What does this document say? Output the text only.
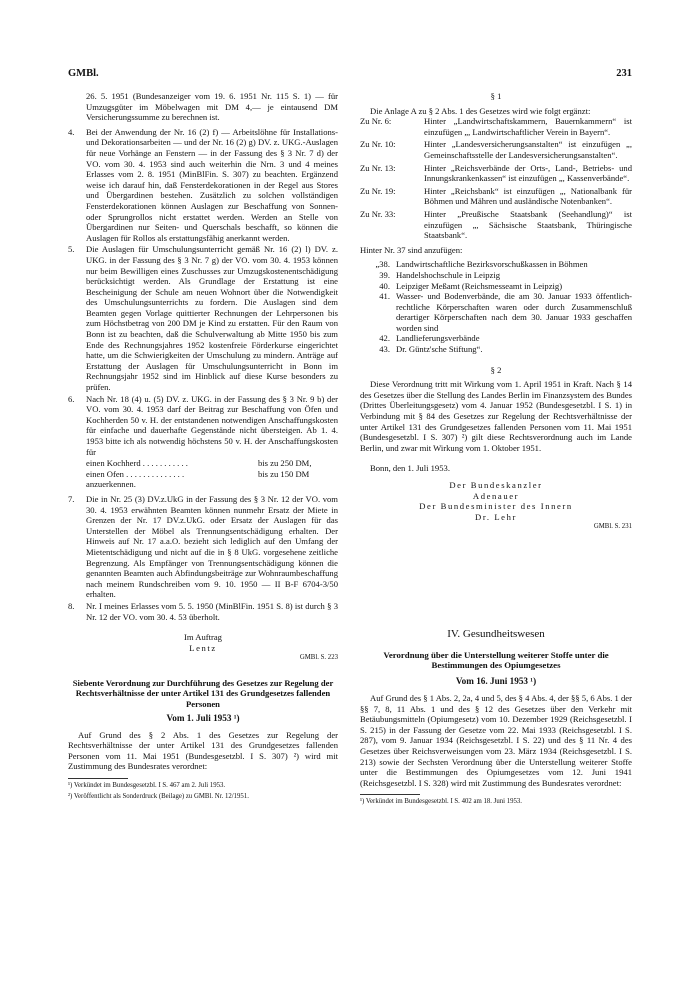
GMBl.	231
26. 5. 1951 (Bundesanzeiger vom 19. 6. 1951 Nr. 115 S. 1) — für Umzugsgüter im Möbelwagen mit DM 4,— je eintausend DM Versicherungssumme zu berechnen ist.
4.	Bei der Anwendung der Nr. 16 (2) f) — Arbeitslöhne für Installations- und Dekorationsarbeiten — und der Nr. 16 (2) g) DV. z. UKG.-Auslagen für neue Vorhänge an Fenstern — in der Fassung des § 3 Nr. 7 d) der VO. vom 30. 4. 1953 sind auch weiterhin die Nrn. 3 und 4 meines Erlasses vom 2. 8. 1951 (MinBlFin. S. 307) zu beachten. Ergänzend weise ich darauf hin, daß Fensterdekorationen in der Regel aus Stores und Übergardinen bestehen. Zusätzlich zu solchen vollständigen Fensterdekorationen können Auslagen zur Beschaffung von Sonnen- oder Sprungrollos nicht erstattet werden. Werden an Stelle von Übergardinen nur Seiten- und Querschals beschafft, so können die Auslagen für Rollos als erstattungsfähig anerkannt werden.
5.	Die Auslagen für Umschulungsunterricht gemäß Nr. 16 (2) l) DV. z. UKG. in der Fassung des § 3 Nr. 7 g) der VO. vom 30. 4. 1953 können nur beim Bewilligen eines Zuschusses zur Umzugskostenentschädigung berücksichtigt werden. Als Grundlage der Erstattung ist eine Bescheinigung der Schule am neuen Wohnort über die Notwendigkeit des Umschulungsunterrichts zu fordern. Die Auslagen sind dem Beamten gegen Vorlage quittierter Rechnungen der Lehrpersonen bis zum Höchstbetrag von 200 DM je Kind zu erstatten. Für den Raum von Bonn ist zu beachten, daß die Schulverwaltung ab Mitte 1950 bis zum Ende des Rechnungsjahres 1952 kostenfreie Förderkurse eingerichtet hatte, um die Schwierigkeiten der Umschulung zu mindern. Anträge auf Erstattung der Auslagen für Umschulungsunterricht in Bonn im Rechnungsjahr 1952 sind im Hinblick auf diese Kurse besonders zu prüfen.
6.	Nach Nr. 18 (4) u. (5) DV. z. UKG. in der Fassung des § 3 Nr. 9 b) der VO. vom 30. 4. 1953 darf der Beitrag zur Beschaffung von Öfen und Kochherden 50 v. H. der entstandenen notwendigen Anschaffungskosten für einfache und dauerhafte Gegenstände nicht übersteigen. Ab 1. 4. 1953 bitte ich als notwendig höchstens 50 v. H. der Anschaffungskosten für
einen Kochherd . . . . . . . . . . .	bis zu 250 DM,
einen Ofen . . . . . . . . . . . . . .	bis zu 150 DM
anzuerkennen.
7.	Die in Nr. 25 (3) DV.z.UkG in der Fassung des § 3 Nr. 12 der VO. vom 30. 4. 1953 erwähnten Beamten können nunmehr Ersatz der Miete in Grenzen der Nr. 17 DV.z.UkG. oder Ersatz der Auslagen für das Unterstellen der Möbel als Trennungsentschädigung erhalten. Der Hinweis auf Nr. 17 a.a.O. bezieht sich lediglich auf den Umfang der Mietentschädigung und nicht auf die in § 8 UkG. vorgesehene zeitliche Begrenzung. Als Empfänger von Trennungsentschädigung können die genannten Beamten auch Abfindungsbeiträge zur Wohnraumbeschaffung nach meinem Rundschreiben vom 9. 10. 1950 — II B-F 6704-3/50 erhalten.
8.	Nr. I meines Erlasses vom 5. 5. 1950 (MinBlFin. 1951 S. 8) ist durch § 3 Nr. 12 der VO. vom 30. 4. 53 überholt.
Im Auftrag
Lentz
GMBl. S. 223
Siebente Verordnung zur Durchführung des Gesetzes zur Regelung der Rechtsverhältnisse der unter Artikel 131 des Grundgesetzes fallenden Personen
Vom 1. Juli 1953 ¹)
Auf Grund des § 2 Abs. 1 des Gesetzes zur Regelung der Rechtsverhältnisse der unter Artikel 131 des Grundgesetzes fallenden Personen vom 11. Mai 1951 (Bundesgesetzbl. I S. 307) ²) wird mit Zustimmung des Bundesrates verordnet:
¹) Verkündet im Bundesgesetzbl. I S. 467 am 2. Juli 1953.
²) Veröffentlicht als Sonderdruck (Beilage) zu GMBl. Nr. 12/1951.
§ 1
Die Anlage A zu § 2 Abs. 1 des Gesetzes wird wie folgt ergänzt:
Zu Nr. 6:	Hinter „Landwirtschaftskammern, Bauernkammern“ ist einzufügen „, Landwirtschaftlicher Verein in Bayern“.
Zu Nr. 10:	Hinter „Landesversicherungsanstalten“ ist einzufügen „, Gemeinschaftsstelle der Landesversicherungsanstalten“.
Zu Nr. 13:	Hinter „Reichsverbände der Orts-, Land-, Betriebs- und Innungskrankenkassen“ ist einzufügen „, Kassenverbände“.
Zu Nr. 19:	Hinter „Reichsbank“ ist einzufügen „, Nationalbank für Böhmen und Mähren und ausländische Notenbanken“.
Zu Nr. 33:	Hinter „Preußische Staatsbank (Seehandlung)“ ist einzufügen „, Sächsische Staatsbank, Thüringische Staatsbank“.
Hinter Nr. 37 sind anzufügen:
„38. Landwirtschaftliche Bezirksvorschußkassen in Böhmen
39. Handelshochschule in Leipzig
40. Leipziger Meßamt (Reichsmesseamt in Leipzig)
41. Wasser- und Bodenverbände, die am 30. Januar 1933 öffentlich-rechtliche Körperschaften waren oder durch Zusammenschluß derartiger Körperschaften nach dem 30. Januar 1933 geschaffen worden sind
42. Landlieferungsverbände
43. Dr. Güntz'sche Stiftung“.
§ 2
Diese Verordnung tritt mit Wirkung vom 1. April 1951 in Kraft. Nach § 14 des Gesetzes über die Stellung des Landes Berlin im Finanzsystem des Bundes (Drittes Überleitungsgesetz) vom 4. Januar 1952 (Bundesgesetzbl. I S. 1) in Verbindung mit § 84 des Gesetzes zur Regelung der Rechtsverhältnisse der unter Artikel 131 des Grundgesetzes fallenden Personen vom 11. Mai 1951 (Bundesgesetzbl. I S. 307) ²) gilt diese Rechtsverordnung auch im Lande Berlin, und zwar mit Wirkung vom 1. Oktober 1951.
Bonn, den 1. Juli 1953.
Der Bundeskanzler
Adenauer
Der Bundesminister des Innern
Dr. Lehr
GMBl. S. 231
IV. Gesundheitswesen
Verordnung über die Unterstellung weiterer Stoffe unter die Bestimmungen des Opiumgesetzes
Vom 16. Juni 1953 ¹)
Auf Grund des § 1 Abs. 2, 2a, 4 und 5, des § 4 Abs. 4, der §§ 5, 6 Abs. 1 der §§ 7, 8, 11 Abs. 1 und des § 12 des Gesetzes über den Verkehr mit Betäubungsmitteln (Opiumgesetz) vom 10. Dezember 1929 (Reichsgesetzbl. I S. 215) in der Fassung der Gesetze vom 22. Mai 1933 (Reichsgesetzbl. I S. 287), vom 9. Januar 1934 (Reichsgesetzbl. I S. 22) und des § 11 Nr. 4 des Gesetzes über Reichsverweisungen vom 23. März 1934 (Reichsgesetzbl. I S. 213) sowie der Sechsten Verordnung über die Unterstellung weiterer Stoffe unter die Bestimmungen des Opiumgesetzes vom 12. Juni 1941 (Reichsgesetzbl. I S. 328) wird mit Zustimmung des Bundesrates verordnet:
¹) Verkündet im Bundesgesetzbl. I S. 402 am 18. Juni 1953.
